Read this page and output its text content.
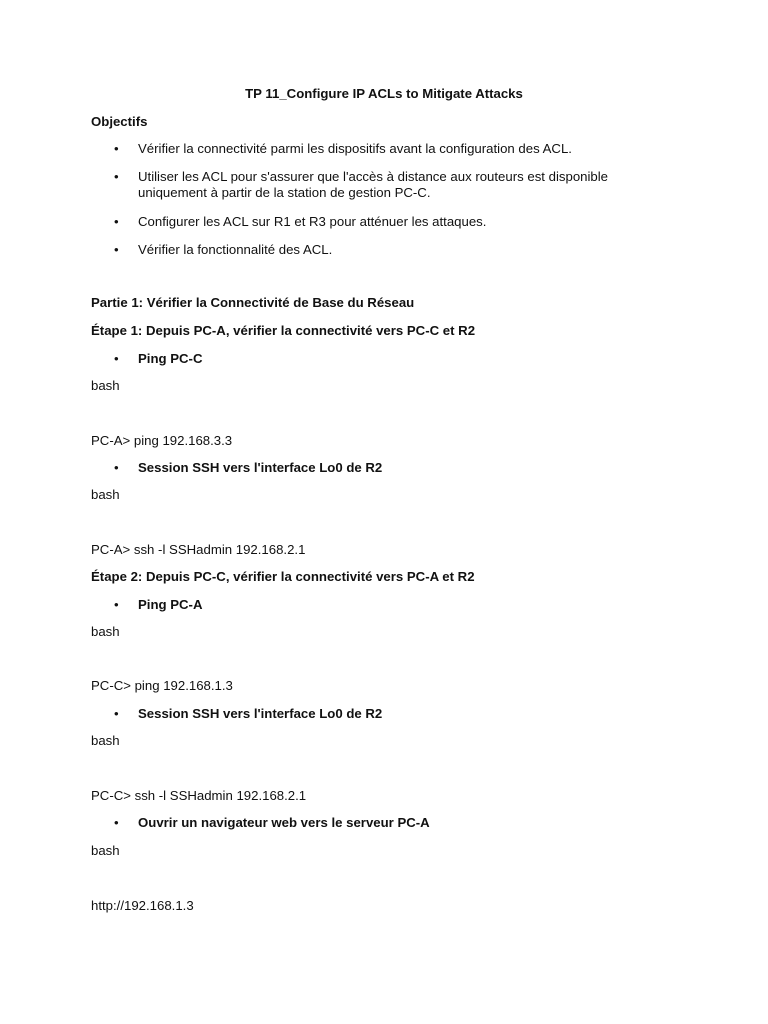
TP 11_Configure IP ACLs to Mitigate Attacks
Objectifs
•	Vérifier la connectivité parmi les dispositifs avant la configuration des ACL.
•	Utiliser les ACL pour s'assurer que l'accès à distance aux routeurs est disponible uniquement à partir de la station de gestion PC-C.
•	Configurer les ACL sur R1 et R3 pour atténuer les attaques.
•	Vérifier la fonctionnalité des ACL.
Partie 1: Vérifier la Connectivité de Base du Réseau
Étape 1: Depuis PC-A, vérifier la connectivité vers PC-C et R2
•	Ping PC-C
bash
PC-A> ping 192.168.3.3
•	Session SSH vers l'interface Lo0 de R2
bash
PC-A> ssh -l SSHadmin 192.168.2.1
Étape 2: Depuis PC-C, vérifier la connectivité vers PC-A et R2
•	Ping PC-A
bash
PC-C> ping 192.168.1.3
•	Session SSH vers l'interface Lo0 de R2
bash
PC-C> ssh -l SSHadmin 192.168.2.1
•	Ouvrir un navigateur web vers le serveur PC-A
bash
http://192.168.1.3
